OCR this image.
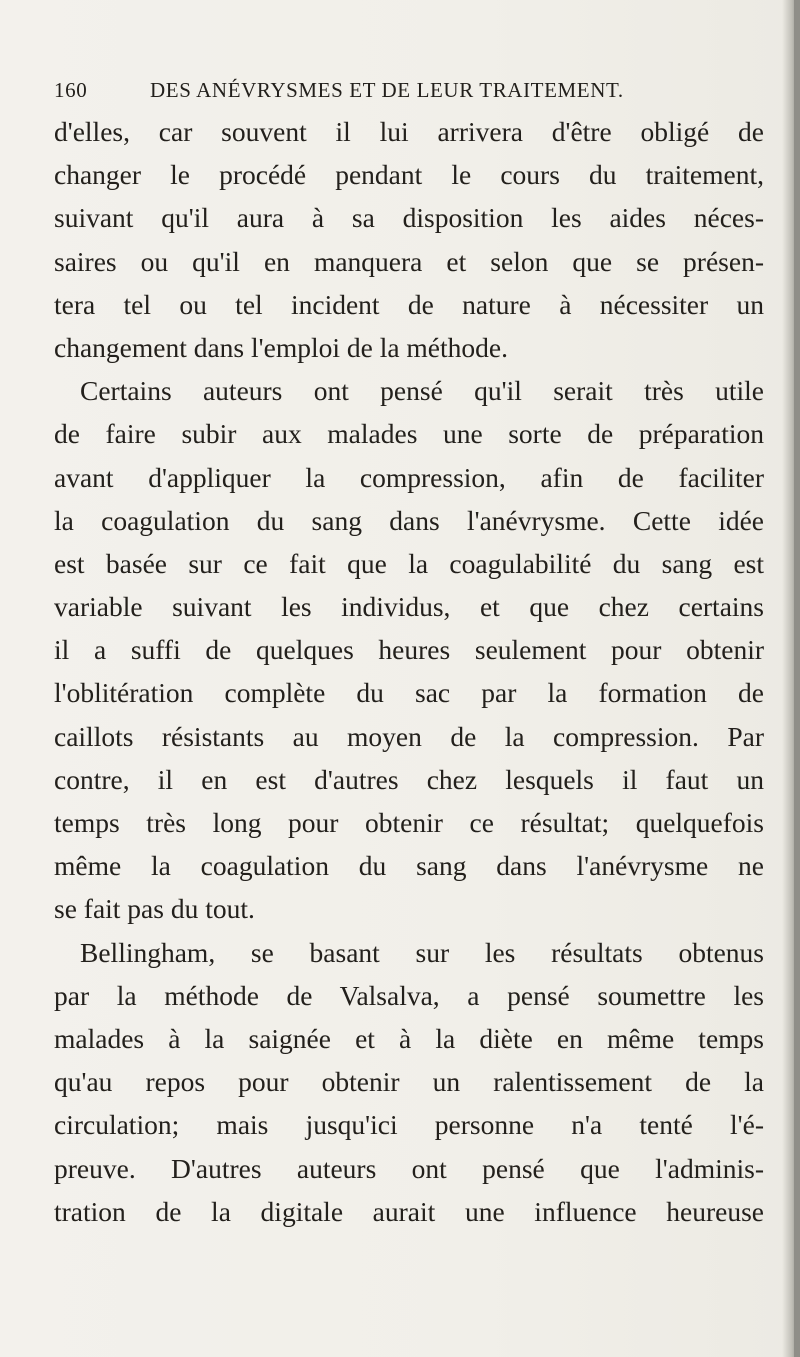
160	DES ANÉVRYSMES ET DE LEUR TRAITEMENT.
d'elles, car souvent il lui arrivera d'être obligé de
changer le procédé pendant le cours du traitement,
suivant qu'il aura à sa disposition les aides néces-
saires ou qu'il en manquera et selon que se présen-
tera tel ou tel incident de nature à nécessiter un
changement dans l'emploi de la méthode.
Certains auteurs ont pensé qu'il serait très utile
de faire subir aux malades une sorte de préparation
avant d'appliquer la compression, afin de faciliter
la coagulation du sang dans l'anévrysme. Cette idée
est basée sur ce fait que la coagulabilité du sang est
variable suivant les individus, et que chez certains
il a suffi de quelques heures seulement pour obtenir
l'oblitération complète du sac par la formation de
caillots résistants au moyen de la compression. Par
contre, il en est d'autres chez lesquels il faut un
temps très long pour obtenir ce résultat; quelquefois
même la coagulation du sang dans l'anévrysme ne
se fait pas du tout.
Bellingham, se basant sur les résultats obtenus
par la méthode de Valsalva, a pensé soumettre les
malades à la saignée et à la diète en même temps
qu'au repos pour obtenir un ralentissement de la
circulation; mais jusqu'ici personne n'a tenté l'é-
preuve. D'autres auteurs ont pensé que l'adminis-
tration de la digitale aurait une influence heureuse
